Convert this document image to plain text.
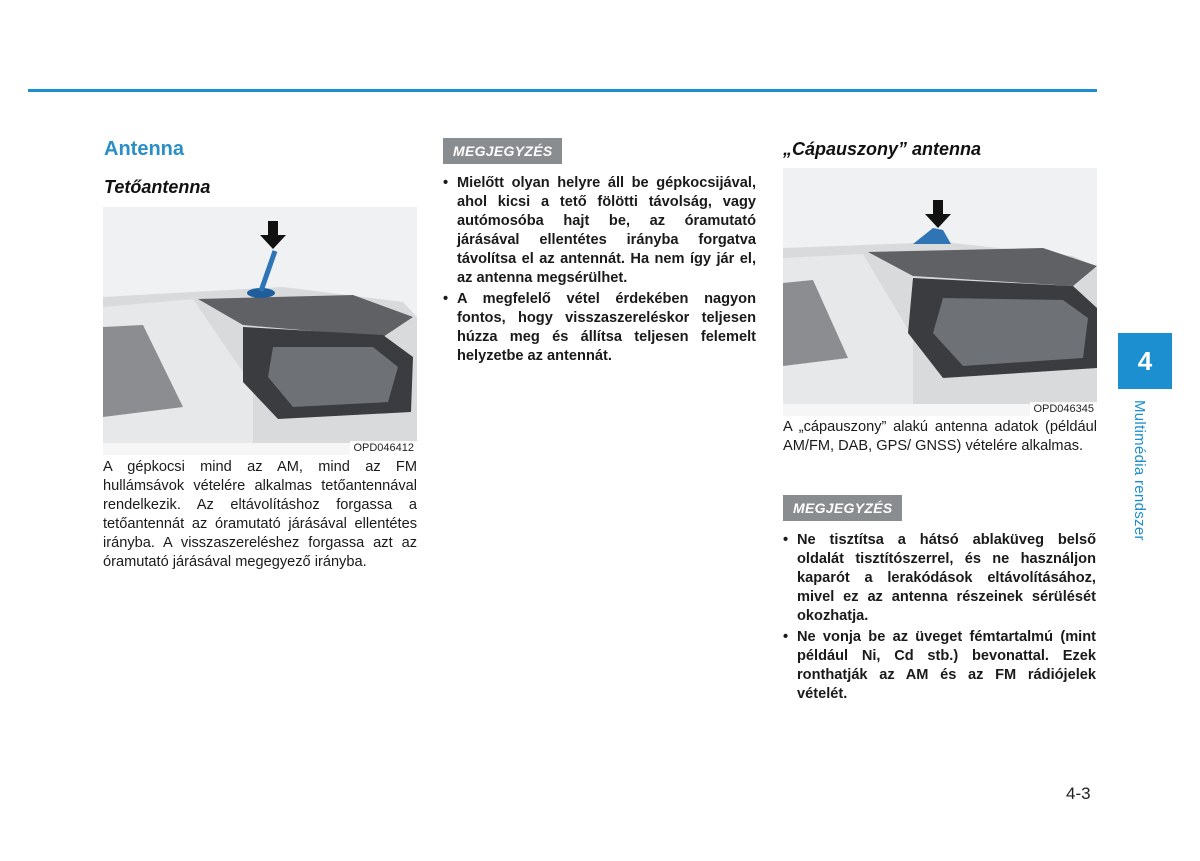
Antenna
Tetőantenna
OPD046412

A gépkocsi mind az AM, mind az FM hullámsávok vételére alkalmas tetőantennával rendelkezik. Az eltávolításhoz forgassa a tetőantennát az óramutató járásával ellentétes irányba. A visszaszereléshez forgassa azt az óramutató járásával megegyező irányba.

MEGJEGYZÉS
• Mielőtt olyan helyre áll be gépkocsijával, ahol kicsi a tető fölötti távolság, vagy autómosóba hajt be, az óramutató járásával ellentétes irányba forgatva távolítsa el az antennát. Ha nem így jár el, az antenna megsérülhet.
• A megfelelő vétel érdekében nagyon fontos, hogy visszaszereléskor teljesen húzza meg és állítsa teljesen felemelt helyzetbe az antennát.
„Cápauszony” antenna
OPD046345

A „cápauszony” alakú antenna adatok (például AM/FM, DAB, GPS/ GNSS) vételére alkalmas.

MEGJEGYZÉS
• Ne tisztítsa a hátsó ablaküveg belső oldalát tisztítószerrel, és ne használjon kaparót a lerakódások eltávolításához, mivel ez az antenna részeinek sérülését okozhatja.
• Ne vonja be az üveget fémtartalmú (mint például Ni, Cd stb.) bevonattal. Ezek ronthatják az AM és az FM rádiójelek vételét.
4
Multimédia rendszer
4-3
